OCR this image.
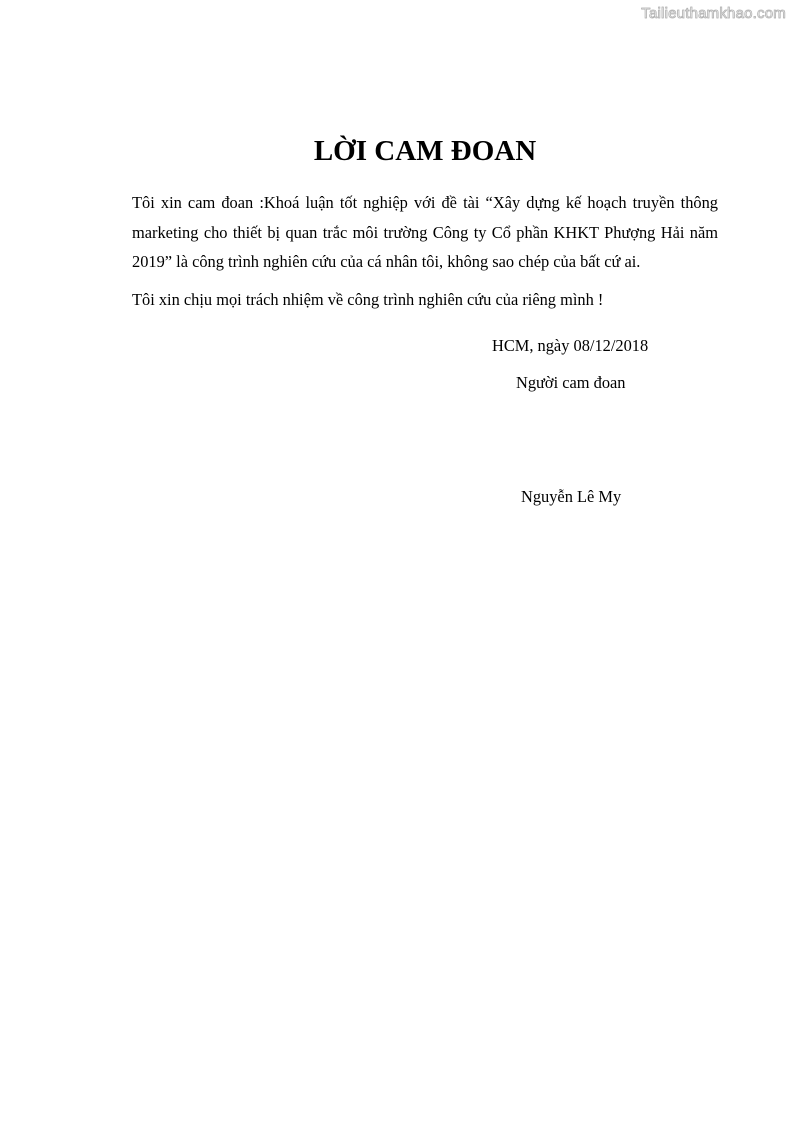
Tailieuthamkhao.com
LỜI CAM ĐOAN

Tôi xin cam đoan :Khoá luận tốt nghiệp với đề tài “Xây dựng kế hoạch truyền thông marketing cho thiết bị quan trắc môi trường Công ty Cổ phần KHKT Phượng Hải năm 2019” là công trình nghiên cứu của cá nhân tôi, không sao chép của bất cứ ai.

Tôi xin chịu mọi trách nhiệm về công trình nghiên cứu của riêng mình !

HCM, ngày 08/12/2018

Người cam đoan

Nguyễn Lê My
